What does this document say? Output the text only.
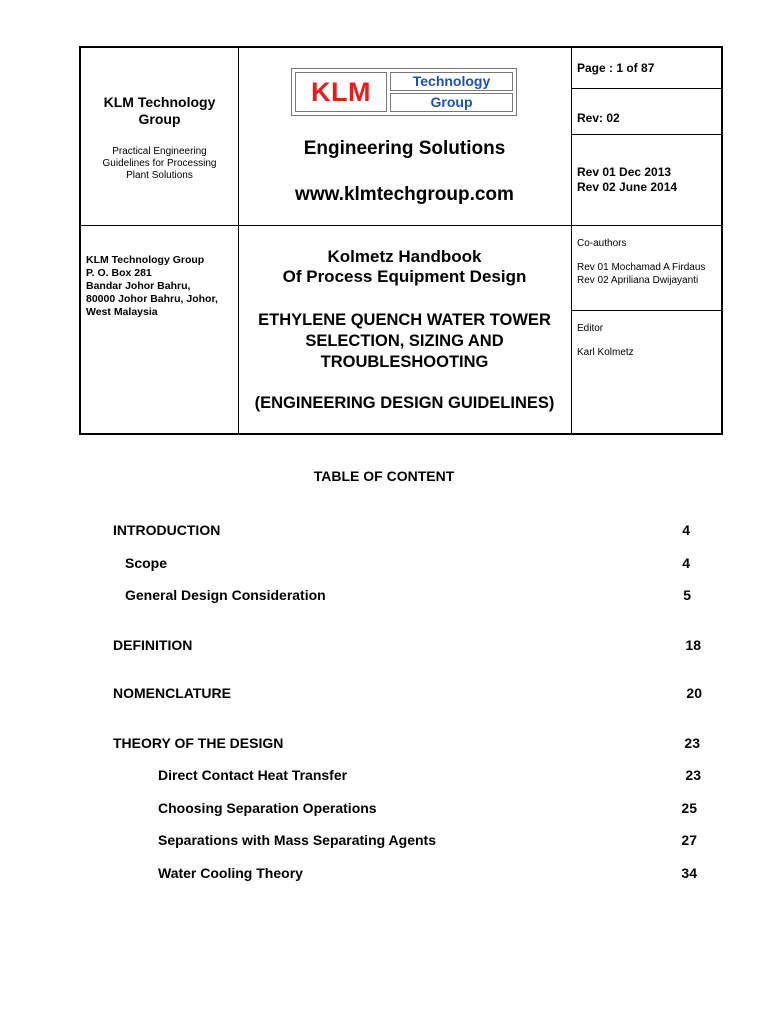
KLM Technology
Group
Practical Engineering
Guidelines for Processing
Plant Solutions
KLM	Technology
Group
Engineering Solutions
www.klmtechgroup.com
Page : 1 of 87
Rev: 02
Rev 01 Dec 2013
Rev 02 June 2014
KLM Technology Group
P. O. Box 281
Bandar Johor Bahru,
80000 Johor Bahru, Johor,
West Malaysia
Kolmetz Handbook
Of Process Equipment Design
ETHYLENE QUENCH WATER TOWER
SELECTION, SIZING AND
TROUBLESHOOTING
(ENGINEERING DESIGN GUIDELINES)
Co-authors
Rev 01 Mochamad A Firdaus
Rev 02 Apriliana Dwijayanti
Editor
Karl Kolmetz
TABLE OF CONTENT
INTRODUCTION	4
Scope	4
General Design Consideration	5
DEFINITION	18
NOMENCLATURE	20
THEORY OF THE DESIGN	23
Direct Contact Heat Transfer	23
Choosing Separation Operations	25
Separations with Mass Separating Agents	27
Water Cooling Theory	34
